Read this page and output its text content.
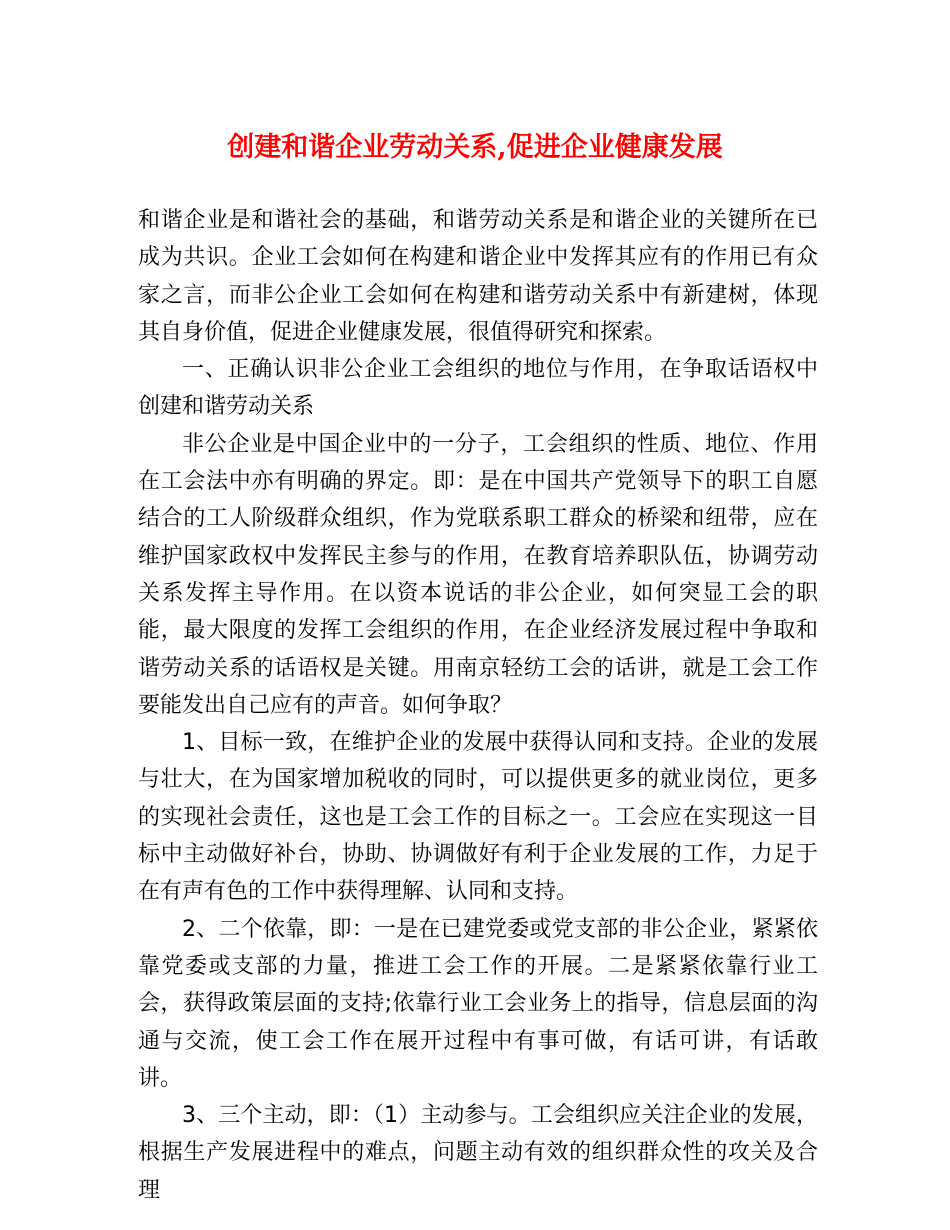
创建和谐企业劳动关系,促进企业健康发展

和谐企业是和谐社会的基础，和谐劳动关系是和谐企业的关键所在已成为共识。企业工会如何在构建和谐企业中发挥其应有的作用已有众家之言，而非公企业工会如何在构建和谐劳动关系中有新建树，体现其自身价值，促进企业健康发展，很值得研究和探索。

一、正确认识非公企业工会组织的地位与作用，在争取话语权中创建和谐劳动关系

非公企业是中国企业中的一分子，工会组织的性质、地位、作用在工会法中亦有明确的界定。即：是在中国共产党领导下的职工自愿结合的工人阶级群众组织，作为党联系职工群众的桥梁和纽带，应在维护国家政权中发挥民主参与的作用，在教育培养职队伍，协调劳动关系发挥主导作用。在以资本说话的非公企业，如何突显工会的职能，最大限度的发挥工会组织的作用，在企业经济发展过程中争取和谐劳动关系的话语权是关键。用南京轻纺工会的话讲，就是工会工作要能发出自己应有的声音。如何争取？

1、目标一致，在维护企业的发展中获得认同和支持。企业的发展与壮大，在为国家增加税收的同时，可以提供更多的就业岗位，更多的实现社会责任，这也是工会工作的目标之一。工会应在实现这一目标中主动做好补台，协助、协调做好有利于企业发展的工作，力足于在有声有色的工作中获得理解、认同和支持。

2、二个依靠，即：一是在已建党委或党支部的非公企业，紧紧依靠党委或支部的力量，推进工会工作的开展。二是紧紧依靠行业工会，获得政策层面的支持;依靠行业工会业务上的指导，信息层面的沟通与交流，使工会工作在展开过程中有事可做，有话可讲，有话敢讲。

3、三个主动，即：（1）主动参与。工会组织应关注企业的发展，根据生产发展进程中的难点，问题主动有效的组织群众性的攻关及合理
